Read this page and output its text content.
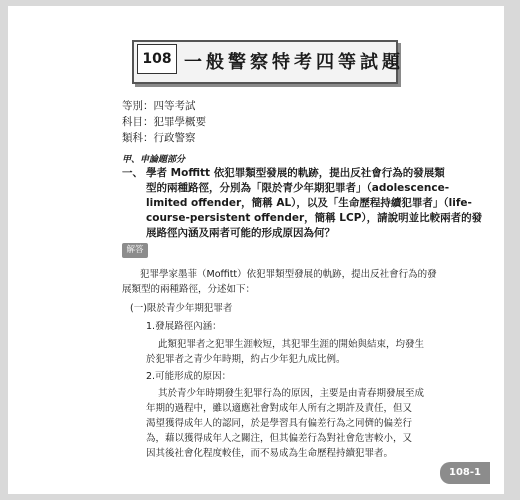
108 一般警察特考四等試題
等別：四等考試
科目：犯罪學概要
類科：行政警察
甲、申論題部分
一、 學者 Moffitt 依犯罪類型發展的軌跡，提出反社會行為的發展類
型的兩種路徑，分別為「限於青少年期犯罪者」（adolescence-
limited offender，簡稱 AL），以及「生命歷程持續犯罪者」（life-
course-persistent offender，簡稱 LCP），請說明並比較兩者的發
展路徑內涵及兩者可能的形成原因為何？
解答
犯罪學家墨菲（Moffitt）依犯罪類型發展的軌跡，提出反社會行為的發
展類型的兩種路徑，分述如下：
(一)限於青少年期犯罪者
1.發展路徑內涵：
此類犯罪者之犯罪生涯較短，其犯罪生涯的開始與結束，均發生
於犯罪者之青少年時期，約占少年犯九成比例。
2.可能形成的原因：
其於青少年時期發生犯罪行為的原因，主要是由青春期發展至成
年期的過程中，雖以適應社會對成年人所有之期許及責任，但又
渴望獲得成年人的認同，於是學習具有偏差行為之同儕的偏差行
為，藉以獲得成年人之關注，但其偏差行為對社會危害較小，又
因其後社會化程度較佳，而不易成為生命歷程持續犯罪者。
108-1
